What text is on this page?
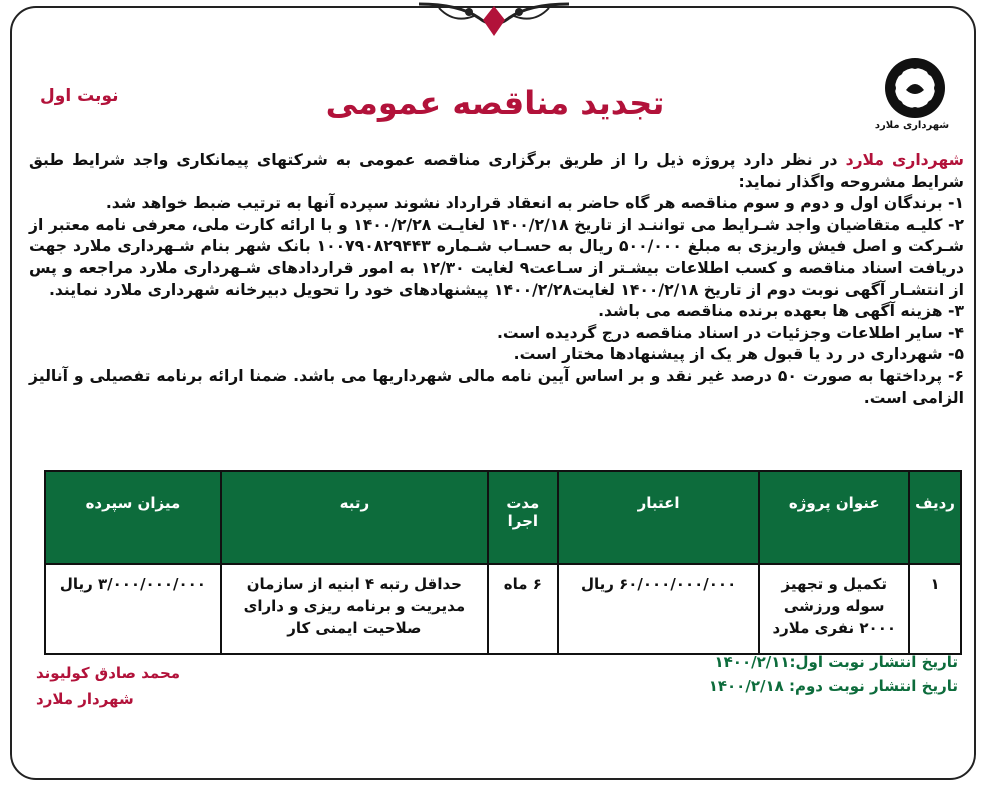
شهرداری ملارد
نوبت اول	تجدید مناقصه عمومی

شهرداری ملارد در نظر دارد پروژه ذیل را از طریق برگزاری مناقصه عمومی به شرکتهای پیمانکاری واجد شرایط طبق شرایط مشروحه واگذار نماید:

۱- برندگان اول و دوم و سوم مناقصه هر گاه حاضر به انعقاد قرارداد نشوند سپرده آنها به ترتیب ضبط خواهد شد.

۲- کلیـه متقاضیان واجد شـرایط می تواننـد از تاریخ ۱۴۰۰/۲/۱۸ لغایـت ۱۴۰۰/۲/۲۸ و با ارائه کارت ملی، معرفی نامه معتبر از شـرکت و اصل فیش واریزی به مبلغ ۵۰۰/۰۰۰ ریال به حسـاب شـماره ۱۰۰۷۹۰۸۲۹۴۴۳ بانک شهر بنام شـهرداری ملارد جهت دریافت اسناد مناقصه و کسب اطلاعات بیشـتر از سـاعت۹ لغایت ۱۲/۳۰ به امور قراردادهای شـهرداری ملارد مراجعه و پس از انتشـار آگهی نوبت دوم از تاریخ ۱۴۰۰/۲/۱۸ لغایت۱۴۰۰/۲/۲۸ پیشنهادهای خود را تحویل دبیرخانه شهرداری ملارد نمایند.

۳- هزینه آگهی ها بعهده برنده مناقصه می باشد.

۴- سایر اطلاعات وجزئیات در اسناد مناقصه درج گردیده است.

۵- شهرداری در رد یا قبول هر یک از پیشنهادها مختار است.

۶- پرداختها به صورت ۵۰ درصد غیر نقد و بر اساس آیین نامه مالی شهرداریها می باشد. ضمنا ارائه برنامه تفصیلی و آنالیز الزامی است.

ردیف	عنوان پروژه	اعتبار	مدت اجرا	رتبه	میزان سپرده
۱	تکمیل و تجهیز سوله ورزشی ۲۰۰۰ نفری ملارد	۶۰/۰۰۰/۰۰۰/۰۰۰ ریال	۶ ماه	حداقل رتبه ۴ ابنیه از سازمان مدیریت و برنامه ریزی و دارای صلاحیت ایمنی کار	۳/۰۰۰/۰۰۰/۰۰۰ ریال
تاریخ انتشار نوبت اول:۱۴۰۰/۲/۱۱
تاریخ انتشار نوبت دوم: ۱۴۰۰/۲/۱۸
محمد صادق کولیوند
شهردار ملارد
